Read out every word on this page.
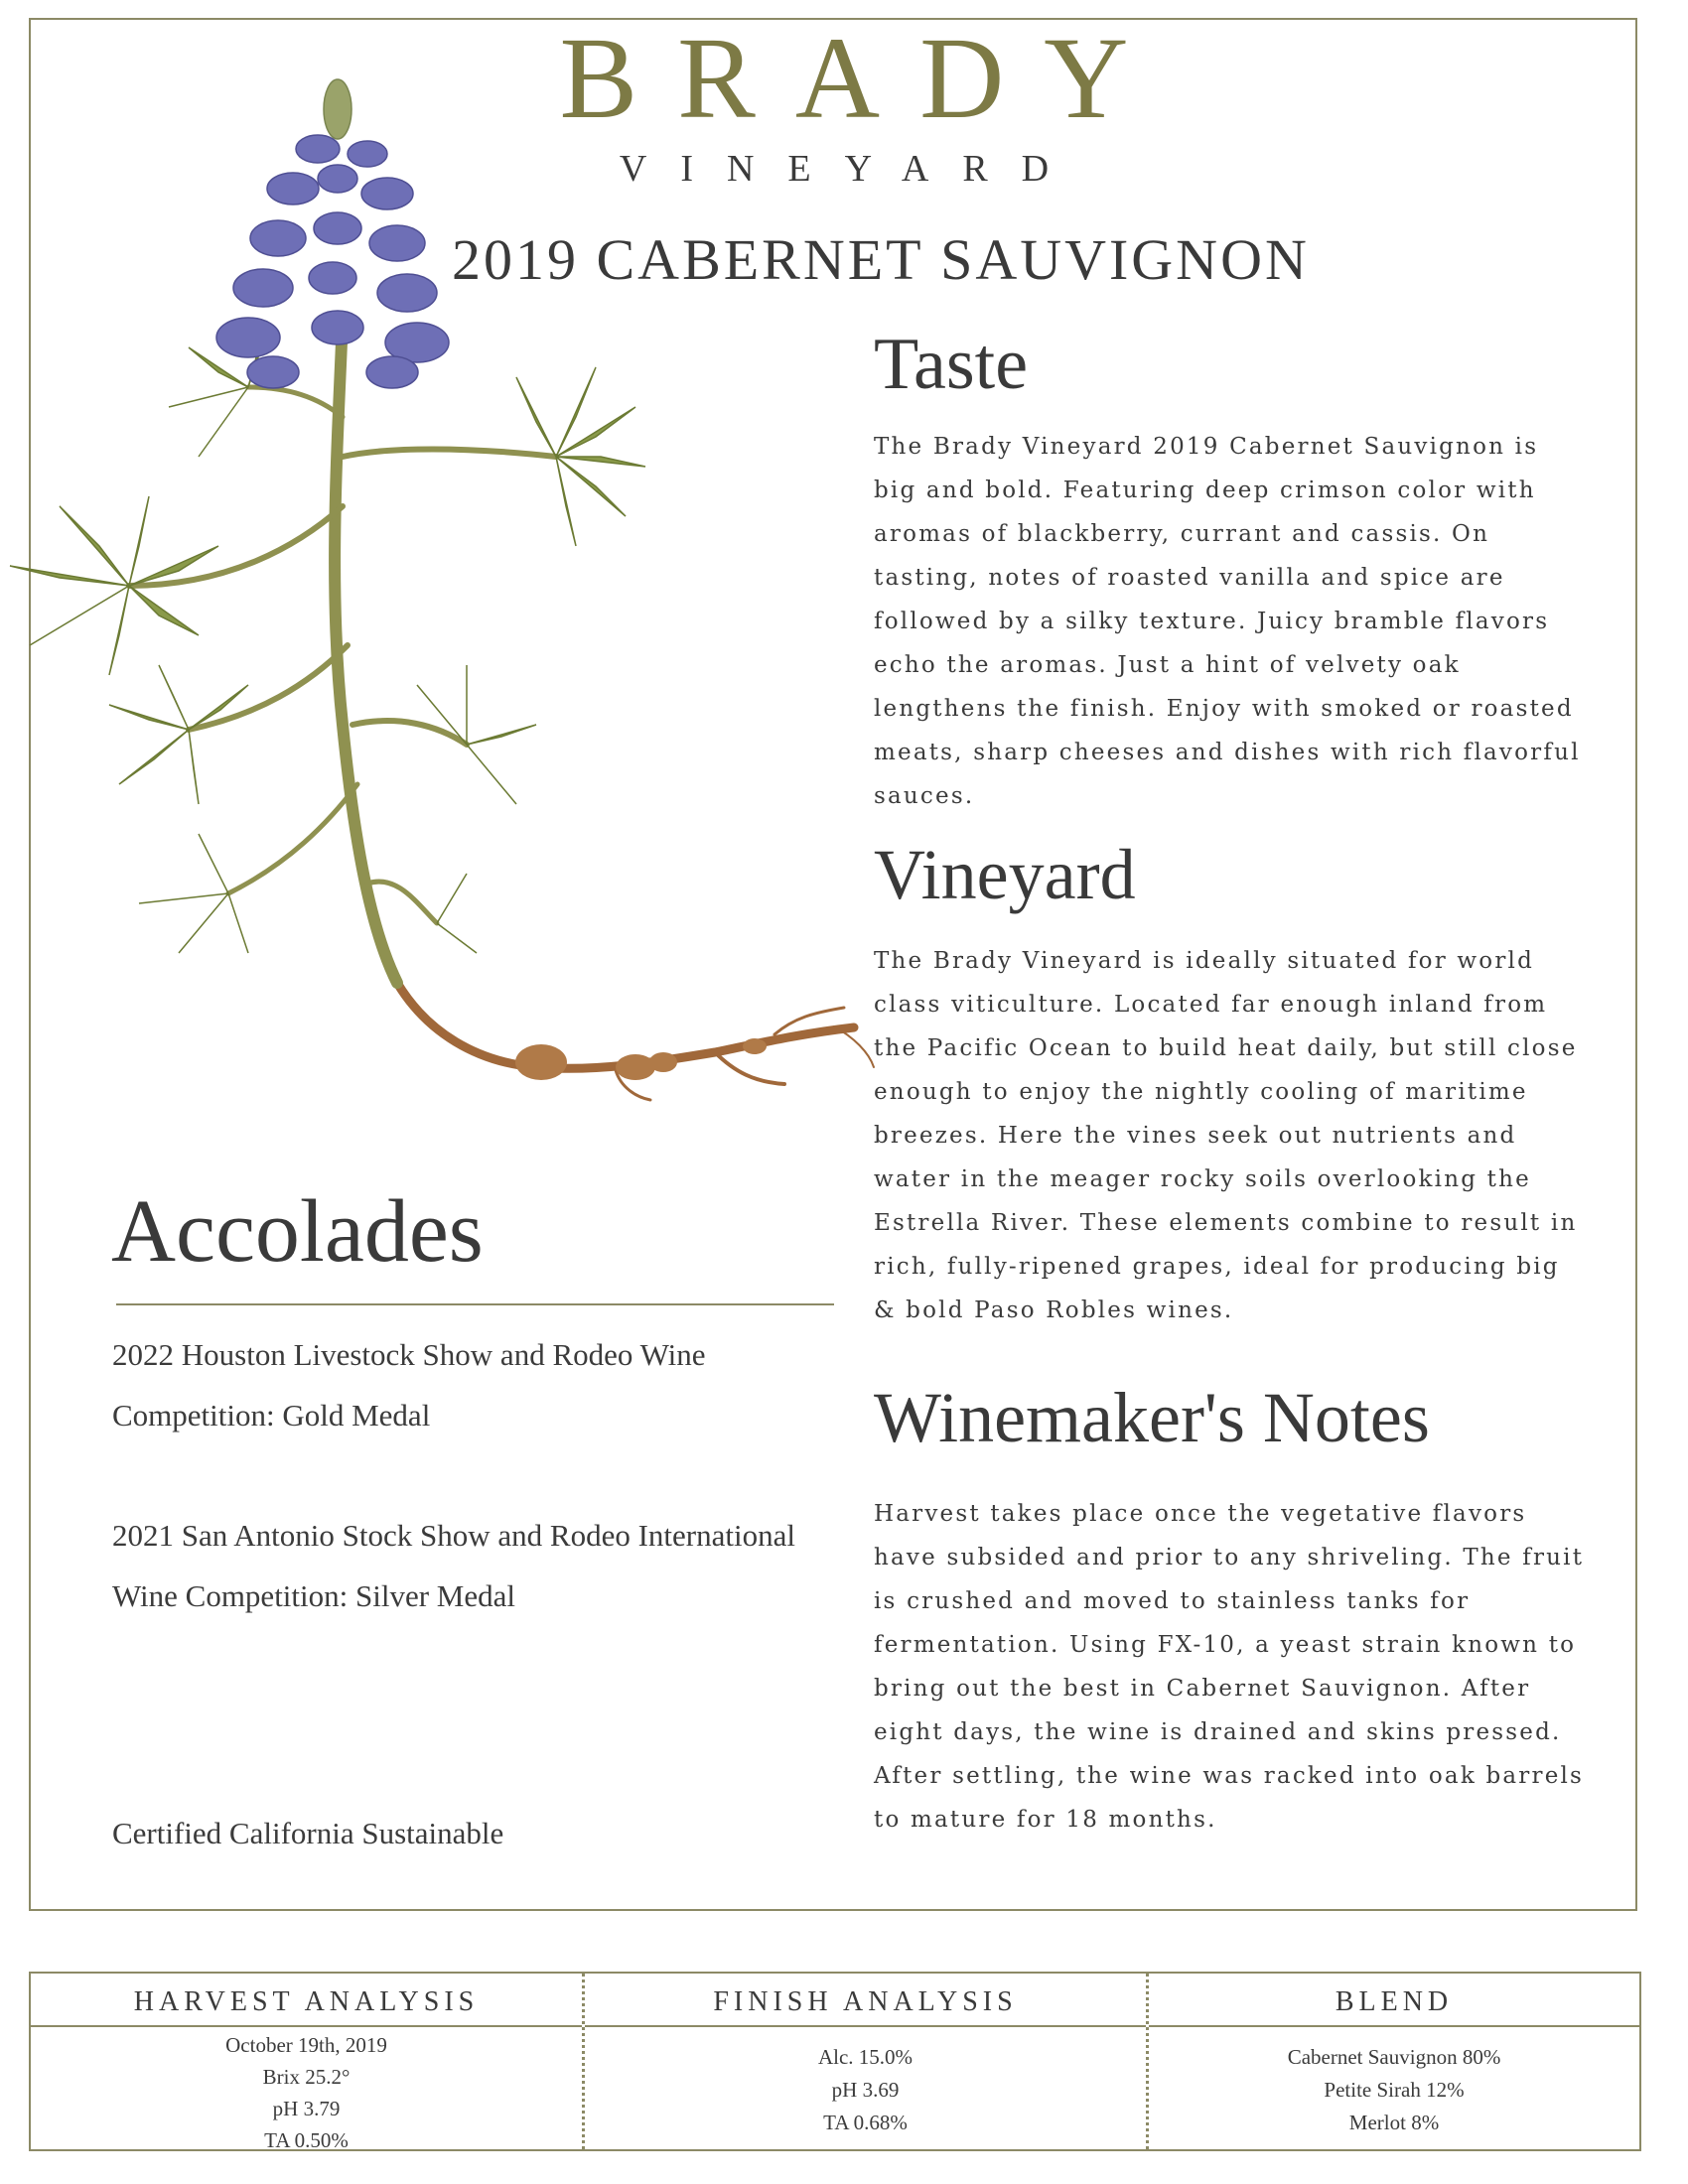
BRADY
VINEYARD
2019 CABERNET SAUVIGNON
Taste

The Brady Vineyard 2019 Cabernet Sauvignon is big and bold. Featuring deep crimson color with aromas of blackberry, currant and cassis. On tasting, notes of roasted vanilla and spice are followed by a silky texture. Juicy bramble flavors echo the aromas. Just a hint of velvety oak lengthens the finish. Enjoy with smoked or roasted meats, sharp cheeses and dishes with rich flavorful sauces.

Vineyard

The Brady Vineyard is ideally situated for world class viticulture. Located far enough inland from the Pacific Ocean to build heat daily, but still close enough to enjoy the nightly cooling of maritime breezes. Here the vines seek out nutrients and water in the meager rocky soils overlooking the Estrella River. These elements combine to result in rich, fully-ripened grapes, ideal for producing big & bold Paso Robles wines.

Winemaker's Notes

Harvest takes place once the vegetative flavors have subsided and prior to any shriveling. The fruit is crushed and moved to stainless tanks for fermentation. Using FX-10, a yeast strain known to bring out the best in Cabernet Sauvignon. After eight days, the wine is drained and skins pressed. After settling, the wine was racked into oak barrels to mature for 18 months.

Accolades

2022 Houston Livestock Show and Rodeo Wine Competition: Gold Medal

2021 San Antonio Stock Show and Rodeo International Wine Competition: Silver Medal

Certified California Sustainable

HARVEST ANALYSIS
October 19th, 2019
Brix 25.2°
pH 3.79
TA 0.50%
FINISH ANALYSIS
Alc. 15.0%
pH 3.69
TA 0.68%
BLEND
Cabernet Sauvignon 80%
Petite Sirah 12%
Merlot 8%
